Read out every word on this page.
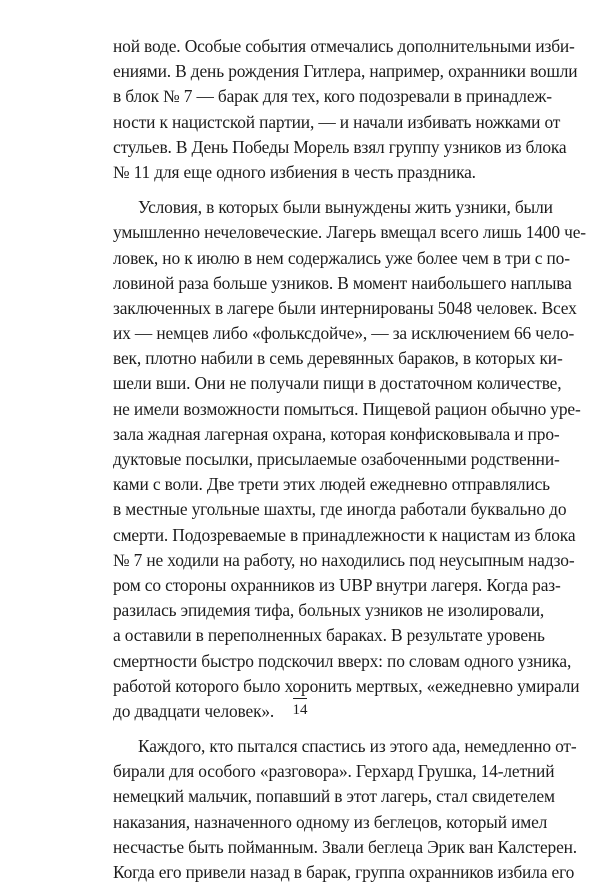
ной воде. Особые события отмечались дополнительными изби-
ениями. В день рождения Гитлера, например, охранники вошли
в блок № 7 — барак для тех, кого подозревали в принадлеж-
ности к нацистской партии, — и начали избивать ножками от
стульев. В День Победы Морель взял группу узников из блока
№ 11 для еще одного избиения в честь праздника.
Условия, в которых были вынуждены жить узники, были
умышленно нечеловеческие. Лагерь вмещал всего лишь 1400 че-
ловек, но к июлю в нем содержались уже более чем в три с по-
ловиной раза больше узников. В момент наибольшего наплыва
заключенных в лагере были интернированы 5048 человек. Всех
их — немцев либо «фольксдойче», — за исключением 66 чело-
век, плотно набили в семь деревянных бараков, в которых ки-
шели вши. Они не получали пищи в достаточном количестве,
не имели возможности помыться. Пищевой рацион обычно уре-
зала жадная лагерная охрана, которая конфисковывала и про-
дуктовые посылки, присылаемые озабоченными родственни-
ками с воли. Две трети этих людей ежедневно отправлялись
в местные угольные шахты, где иногда работали буквально до
смерти. Подозреваемые в принадлежности к нацистам из блока
№ 7 не ходили на работу, но находились под неусыпным надзо-
ром со стороны охранников из UBP внутри лагеря. Когда раз-
разилась эпидемия тифа, больных узников не изолировали,
а оставили в переполненных бараках. В результате уровень
смертности быстро подскочил вверх: по словам одного узника,
работой которого было хоронить мертвых, «ежедневно умирали
до двадцати человек».
Каждого, кто пытался спастись из этого ада, немедленно от-
бирали для особого «разговора». Герхард Грушка, 14-летний
немецкий мальчик, попавший в этот лагерь, стал свидетелем
наказания, назначенного одному из беглецов, который имел
несчастье быть пойманным. Звали беглеца Эрик ван Калстерен.
Когда его привели назад в барак, группа охранников избила его
14
